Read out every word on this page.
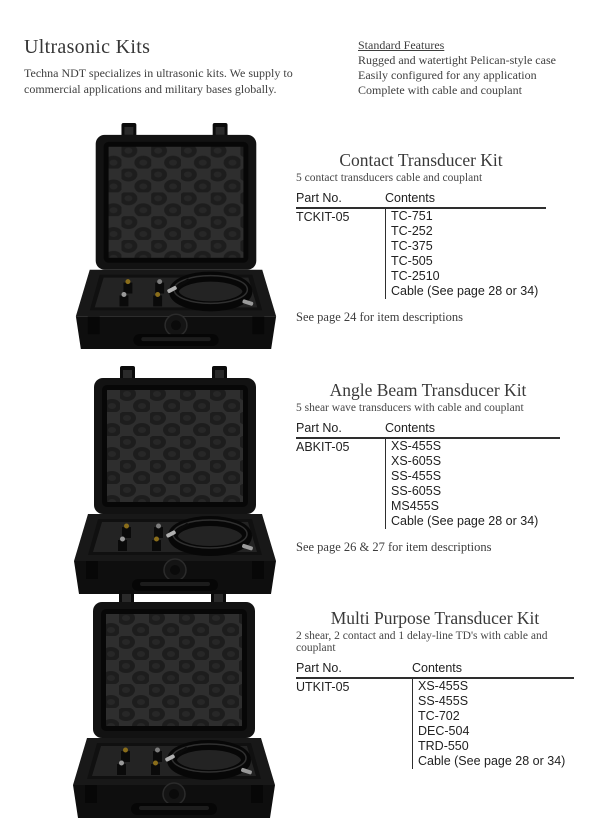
Ultrasonic Kits

Techna NDT specializes in ultrasonic kits. We supply to commercial applications and military bases globally.

Standard Features
Rugged and watertight Pelican-style case
Easily configured for any application
Complete with cable and couplant
Contact Transducer Kit
5 contact transducers cable and couplant
Part No.	Contents
TCKIT-05	TC-751
TC-252
TC-375
TC-505
TC-2510
Cable (See page 28 or 34)
See page 24 for item descriptions
Angle Beam Transducer Kit
5 shear wave transducers with cable and couplant
Part No.	Contents
ABKIT-05	XS-455S
XS-605S
SS-455S
SS-605S
MS455S
Cable (See page 28 or 34)
See page 26 & 27 for item descriptions
Multi Purpose Transducer Kit
2 shear, 2 contact and 1 delay-line TD's with cable and couplant
Part No.	Contents
UTKIT-05	XS-455S
SS-455S
TC-702
DEC-504
TRD-550
Cable (See page 28 or 34)
